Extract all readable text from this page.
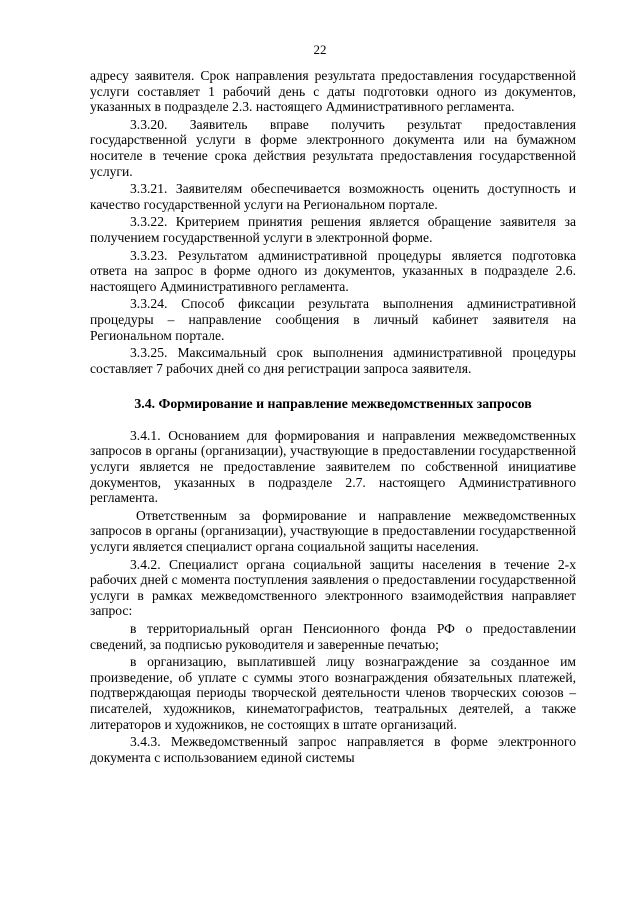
22

адресу заявителя. Срок направления результата предоставления государственной услуги составляет 1 рабочий день с даты подготовки одного из документов, указанных в подразделе 2.3. настоящего Административного регламента.

3.3.20. Заявитель вправе получить результат предоставления государственной услуги в форме электронного документа или на бумажном носителе в течение срока действия результата предоставления государственной услуги.

3.3.21. Заявителям обеспечивается возможность оценить доступность и качество государственной услуги на Региональном портале.

3.3.22. Критерием принятия решения является обращение заявителя за получением государственной услуги в электронной форме.

3.3.23. Результатом административной процедуры является подготовка ответа на запрос в форме одного из документов, указанных в подразделе 2.6. настоящего Административного регламента.

3.3.24. Способ фиксации результата выполнения административной процедуры – направление сообщения в личный кабинет заявителя на Региональном портале.

3.3.25. Максимальный срок выполнения административной процедуры составляет 7 рабочих дней со дня регистрации запроса заявителя.

3.4. Формирование и направление межведомственных запросов

3.4.1. Основанием для формирования и направления межведомственных запросов в органы (организации), участвующие в предоставлении государственной услуги является не предоставление заявителем по собственной инициативе документов, указанных в подразделе 2.7. настоящего Административного регламента.

Ответственным за формирование и направление межведомственных запросов в органы (организации), участвующие в предоставлении государственной услуги является специалист органа социальной защиты населения.

3.4.2. Специалист органа социальной защиты населения в течение 2-х рабочих дней с момента поступления заявления о предоставлении государственной услуги в рамках межведомственного электронного взаимодействия направляет запрос:

в территориальный орган Пенсионного фонда РФ о предоставлении сведений, за подписью руководителя и заверенные печатью;

в организацию, выплатившей лицу вознаграждение за созданное им произведение, об уплате с суммы этого вознаграждения обязательных платежей, подтверждающая периоды творческой деятельности членов творческих союзов – писателей, художников, кинематографистов, театральных деятелей, а также литераторов и художников, не состоящих в штате организаций.

3.4.3. Межведомственный запрос направляется в форме электронного документа с использованием единой системы
